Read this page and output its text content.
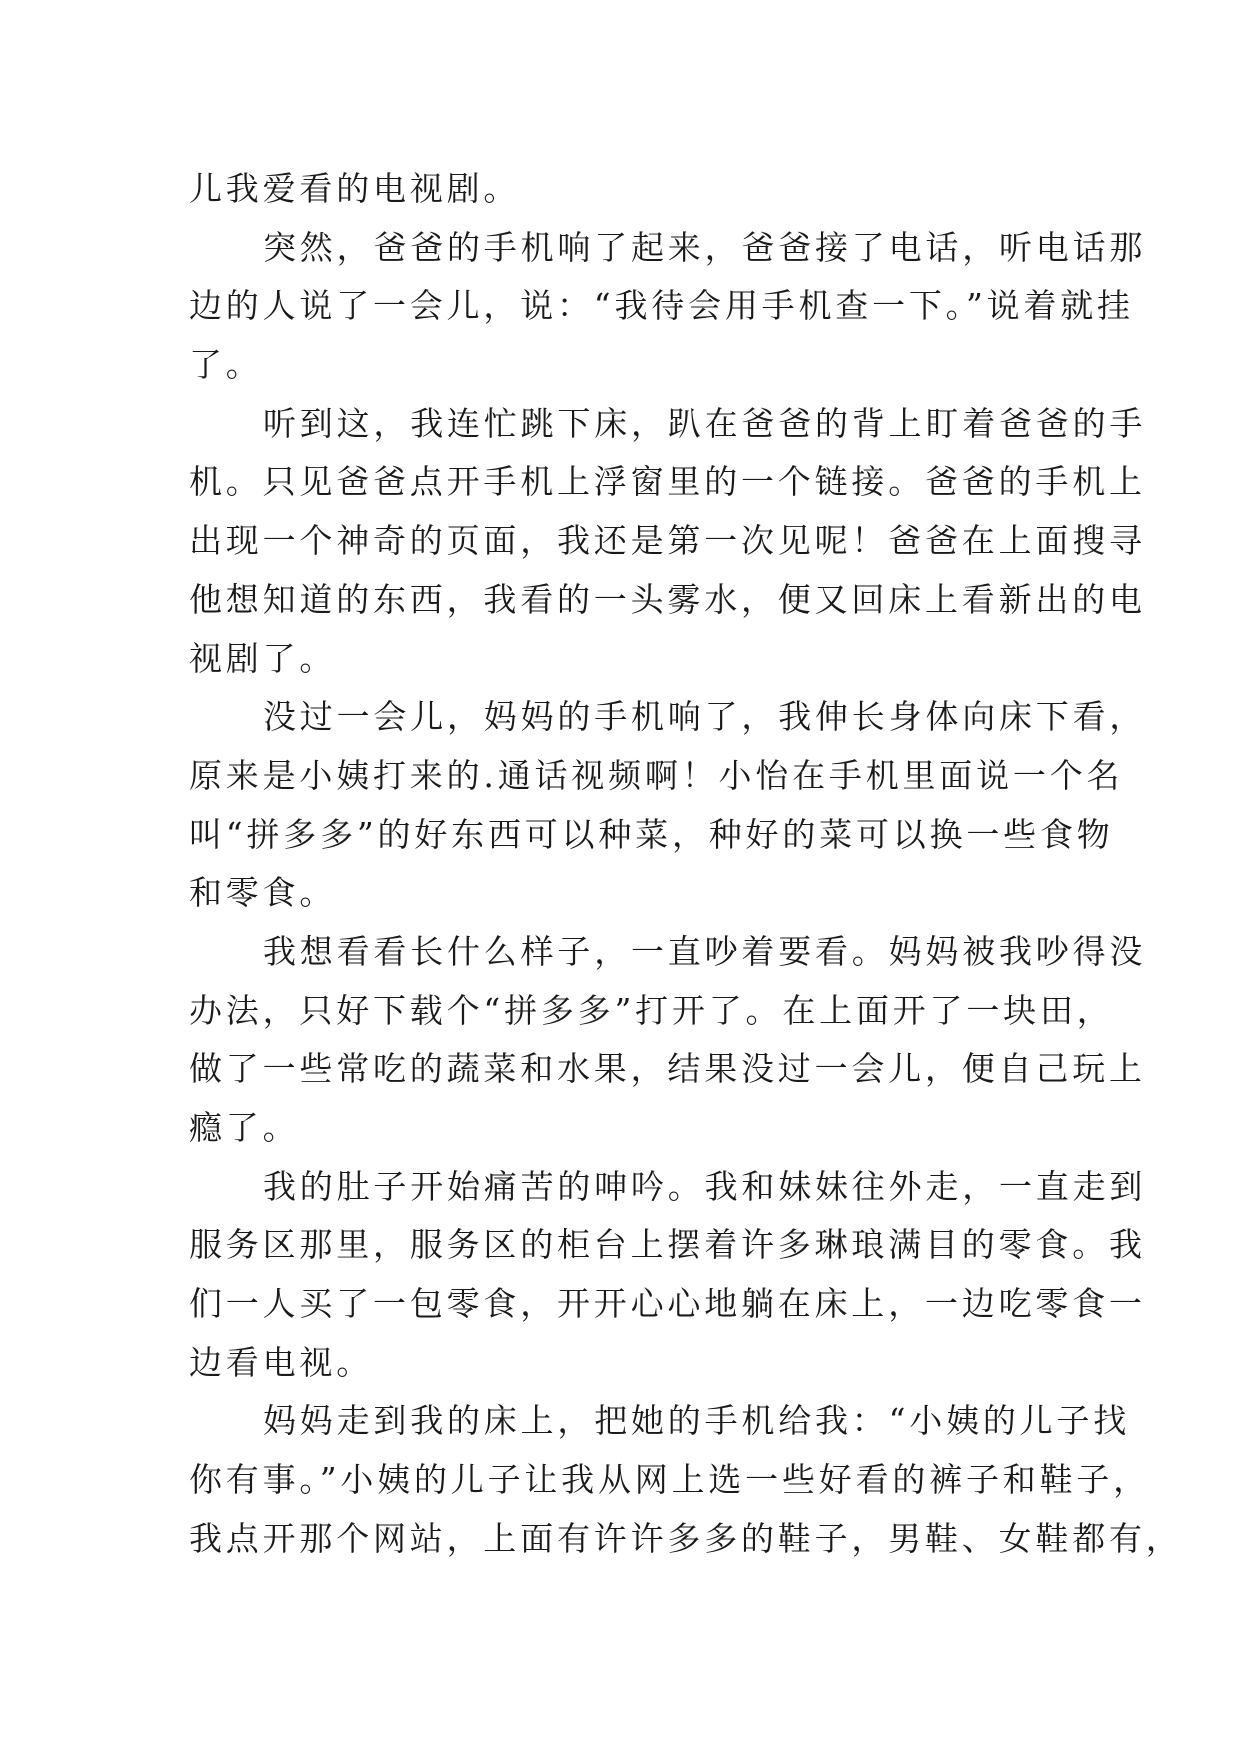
儿我爱看的电视剧。
突然，爸爸的手机响了起来，爸爸接了电话，听电话那
边的人说了一会儿，说：“我待会用手机查一下。”说着就挂
了。
听到这，我连忙跳下床，趴在爸爸的背上盯着爸爸的手
机。只见爸爸点开手机上浮窗里的一个链接。爸爸的手机上
出现一个神奇的页面，我还是第一次见呢！爸爸在上面搜寻
他想知道的东西，我看的一头雾水，便又回床上看新出的电
视剧了。
没过一会儿，妈妈的手机响了，我伸长身体向床下看，
原来是小姨打来的.通话视频啊！小怡在手机里面说一个名
叫“拼多多”的好东西可以种菜，种好的菜可以换一些食物
和零食。
我想看看长什么样子，一直吵着要看。妈妈被我吵得没
办法，只好下载个“拼多多”打开了。在上面开了一块田，
做了一些常吃的蔬菜和水果，结果没过一会儿，便自己玩上
瘾了。
我的肚子开始痛苦的呻吟。我和妹妹往外走，一直走到
服务区那里，服务区的柜台上摆着许多琳琅满目的零食。我
们一人买了一包零食，开开心心地躺在床上，一边吃零食一
边看电视。
妈妈走到我的床上，把她的手机给我：“小姨的儿子找
你有事。”小姨的儿子让我从网上选一些好看的裤子和鞋子，
我点开那个网站，上面有许许多多的鞋子，男鞋、女鞋都有，
